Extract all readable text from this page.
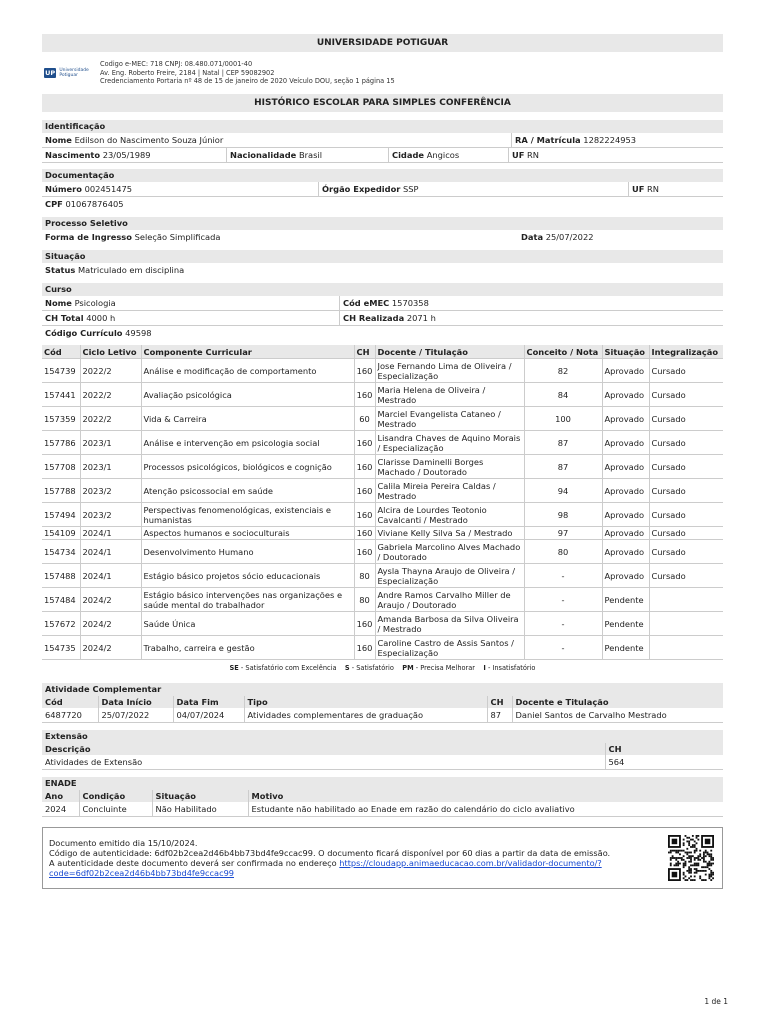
UNIVERSIDADE POTIGUAR
UP Universidade Potiguar
Codigo e-MEC: 718 CNPJ: 08.480.071/0001-40
Av. Eng. Roberto Freire, 2184 | Natal | CEP 59082902
Credenciamento Portaria nº 48 de 15 de janeiro de 2020 Veículo DOU, seção 1 página 15
HISTÓRICO ESCOLAR PARA SIMPLES CONFERÊNCIA
Identificação
Nome Edilson do Nascimento Souza Júnior	RA / Matrícula 1282224953
Nascimento 23/05/1989	Nacionalidade Brasil	Cidade Angicos	UF RN
Documentação
Número 002451475	Órgão Expedidor SSP	UF RN
CPF 01067876405
Processo Seletivo
Forma de Ingresso Seleção Simplificada	Data 25/07/2022
Situação
Status Matriculado em disciplina
Curso
Nome Psicologia	Cód eMEC 1570358
CH Total 4000 h	CH Realizada 2071 h
Código Currículo 49598
Cód	Ciclo Letivo	Componente Curricular	CH	Docente / Titulação	Conceito / Nota	Situação	Integralização
154739	2022/2	Análise e modificação de comportamento	160	Jose Fernando Lima de Oliveira / Especialização	82	Aprovado	Cursado
157441	2022/2	Avaliação psicológica	160	Maria Helena de Oliveira / Mestrado	84	Aprovado	Cursado
157359	2022/2	Vida & Carreira	60	Marciel Evangelista Cataneo / Mestrado	100	Aprovado	Cursado
157786	2023/1	Análise e intervenção em psicologia social	160	Lisandra Chaves de Aquino Morais / Especialização	87	Aprovado	Cursado
157708	2023/1	Processos psicológicos, biológicos e cognição	160	Clarisse Daminelli Borges Machado / Doutorado	87	Aprovado	Cursado
157788	2023/2	Atenção psicossocial em saúde	160	Calila Mireia Pereira Caldas / Mestrado	94	Aprovado	Cursado
157494	2023/2	Perspectivas fenomenológicas, existenciais e humanistas	160	Alcira de Lourdes Teotonio Cavalcanti / Mestrado	98	Aprovado	Cursado
154109	2024/1	Aspectos humanos e socioculturais	160	Viviane Kelly Silva Sa / Mestrado	97	Aprovado	Cursado
154734	2024/1	Desenvolvimento Humano	160	Gabriela Marcolino Alves Machado / Doutorado	80	Aprovado	Cursado
157488	2024/1	Estágio básico projetos sócio educacionais	80	Aysla Thayna Araujo de Oliveira / Especialização	-	Aprovado	Cursado
157484	2024/2	Estágio básico intervenções nas organizações e saúde mental do trabalhador	80	Andre Ramos Carvalho Miller de Araujo / Doutorado	-	Pendente	
157672	2024/2	Saúde Única	160	Amanda Barbosa da Silva Oliveira / Mestrado	-	Pendente	
154735	2024/2	Trabalho, carreira e gestão	160	Caroline Castro de Assis Santos / Especialização	-	Pendente	
SE - Satisfatório com Excelência S - Satisfatório PM - Precisa Melhorar I - Insatisfatório
Atividade Complementar
Cód	Data Início	Data Fim	Tipo	CH	Docente e Titulação
6487720	25/07/2022	04/07/2024	Atividades complementares de graduação	87	Daniel Santos de Carvalho Mestrado
Extensão
Descrição	CH
Atividades de Extensão	564
ENADE
Ano	Condição	Situação	Motivo
2024	Concluinte	Não Habilitado	Estudante não habilitado ao Enade em razão do calendário do ciclo avaliativo
Documento emitido dia 15/10/2024.
Código de autenticidade: 6df02b2cea2d46b4bb73bd4fe9ccac99. O documento ficará disponível por 60 dias a partir da data de emissão.
A autenticidade deste documento deverá ser confirmada no endereço https://cloudapp.animaeducacao.com.br/validador-documento/?code=6df02b2cea2d46b4bb73bd4fe9ccac99
1 de 1
